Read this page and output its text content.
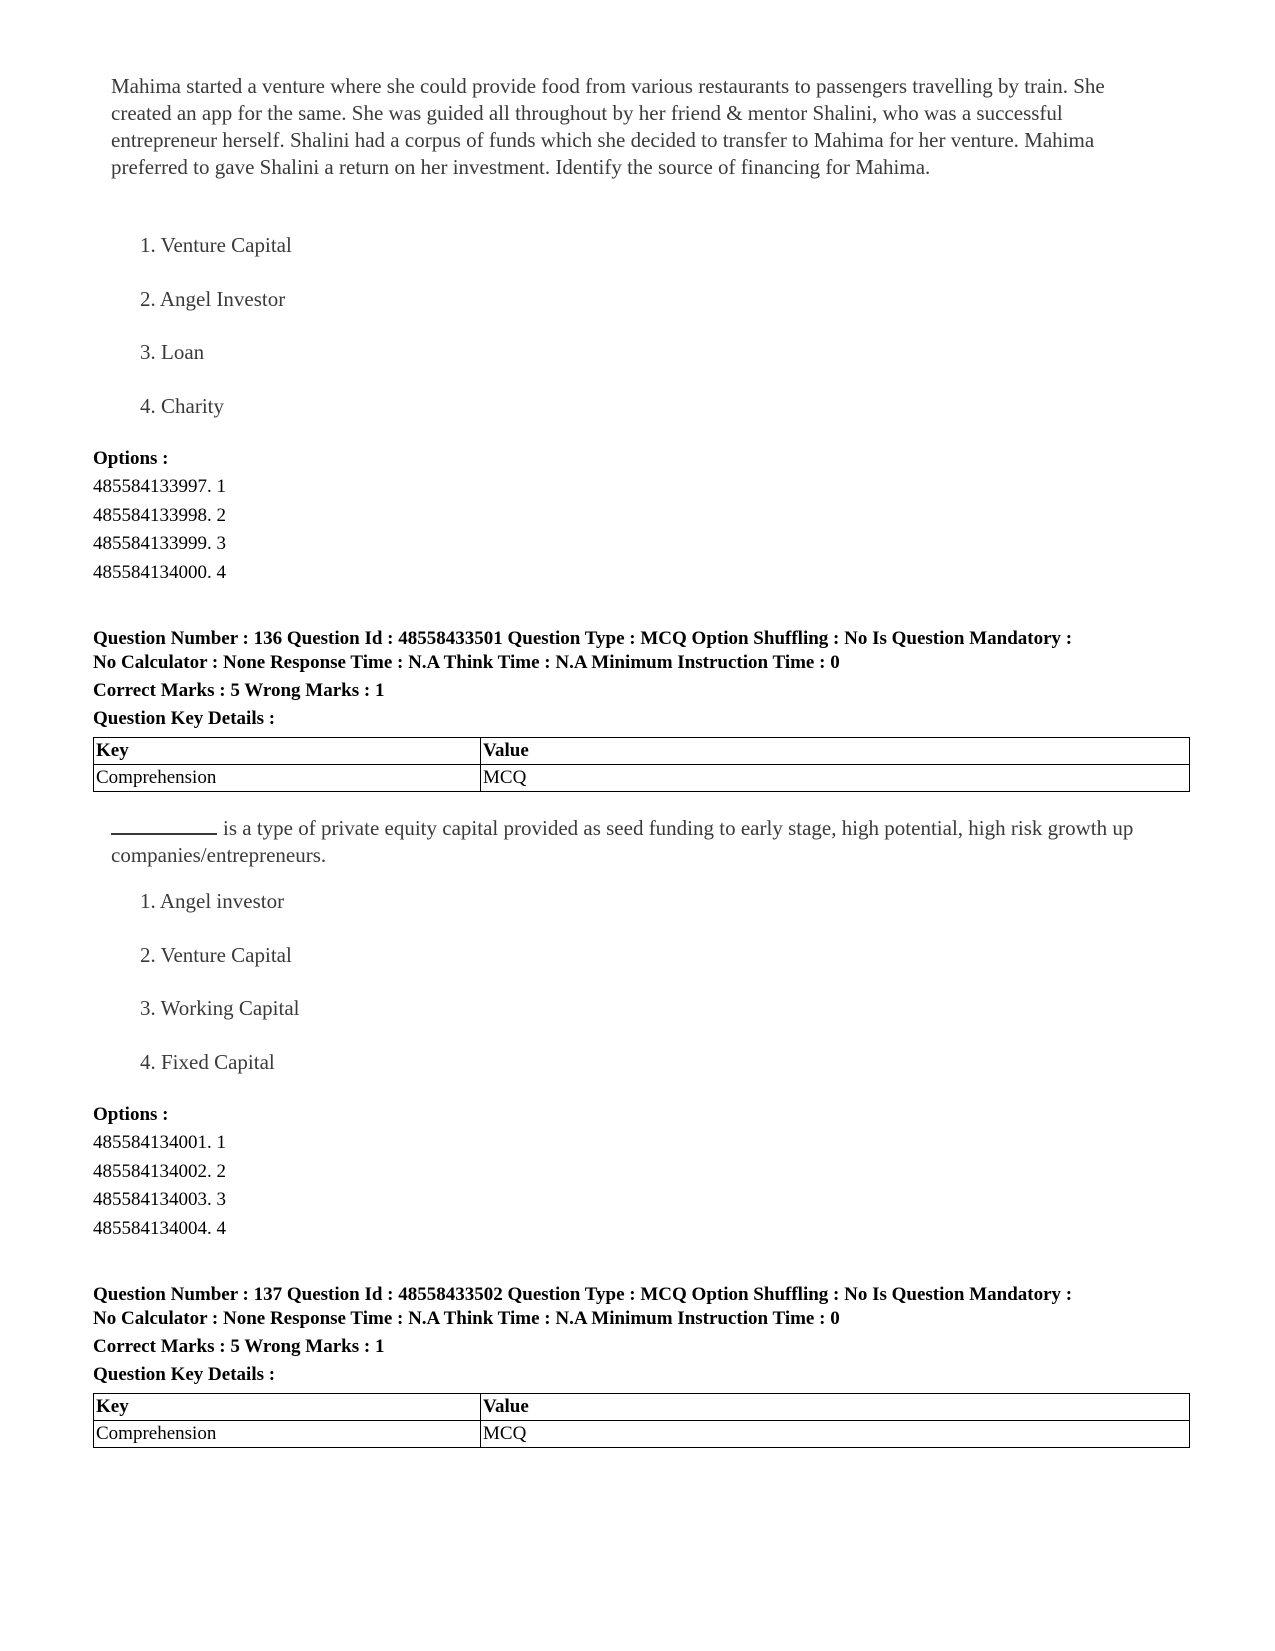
Mahima started a venture where she could provide food from various restaurants to passengers travelling by train. She created an app for the same. She was guided all throughout by her friend & mentor Shalini, who was a successful entrepreneur herself. Shalini had a corpus of funds which she decided to transfer to Mahima for her venture. Mahima preferred to gave Shalini a return on her investment. Identify the source of financing for Mahima.

1. Venture Capital
2. Angel Investor
3. Loan
4. Charity
Options :
485584133997. 1
485584133998. 2
485584133999. 3
485584134000. 4

Question Number : 136 Question Id : 48558433501 Question Type : MCQ Option Shuffling : No Is Question Mandatory :

No Calculator : None Response Time : N.A Think Time : N.A Minimum Instruction Time : 0

Correct Marks : 5 Wrong Marks : 1

Question Key Details :

Key	Value
Comprehension	MCQ

is a type of private equity capital provided as seed funding to early stage, high potential, high risk growth up companies/entrepreneurs.

1. Angel investor
2. Venture Capital
3. Working Capital
4. Fixed Capital
Options :
485584134001. 1
485584134002. 2
485584134003. 3
485584134004. 4

Question Number : 137 Question Id : 48558433502 Question Type : MCQ Option Shuffling : No Is Question Mandatory :

No Calculator : None Response Time : N.A Think Time : N.A Minimum Instruction Time : 0

Correct Marks : 5 Wrong Marks : 1

Question Key Details :

Key	Value
Comprehension	MCQ
